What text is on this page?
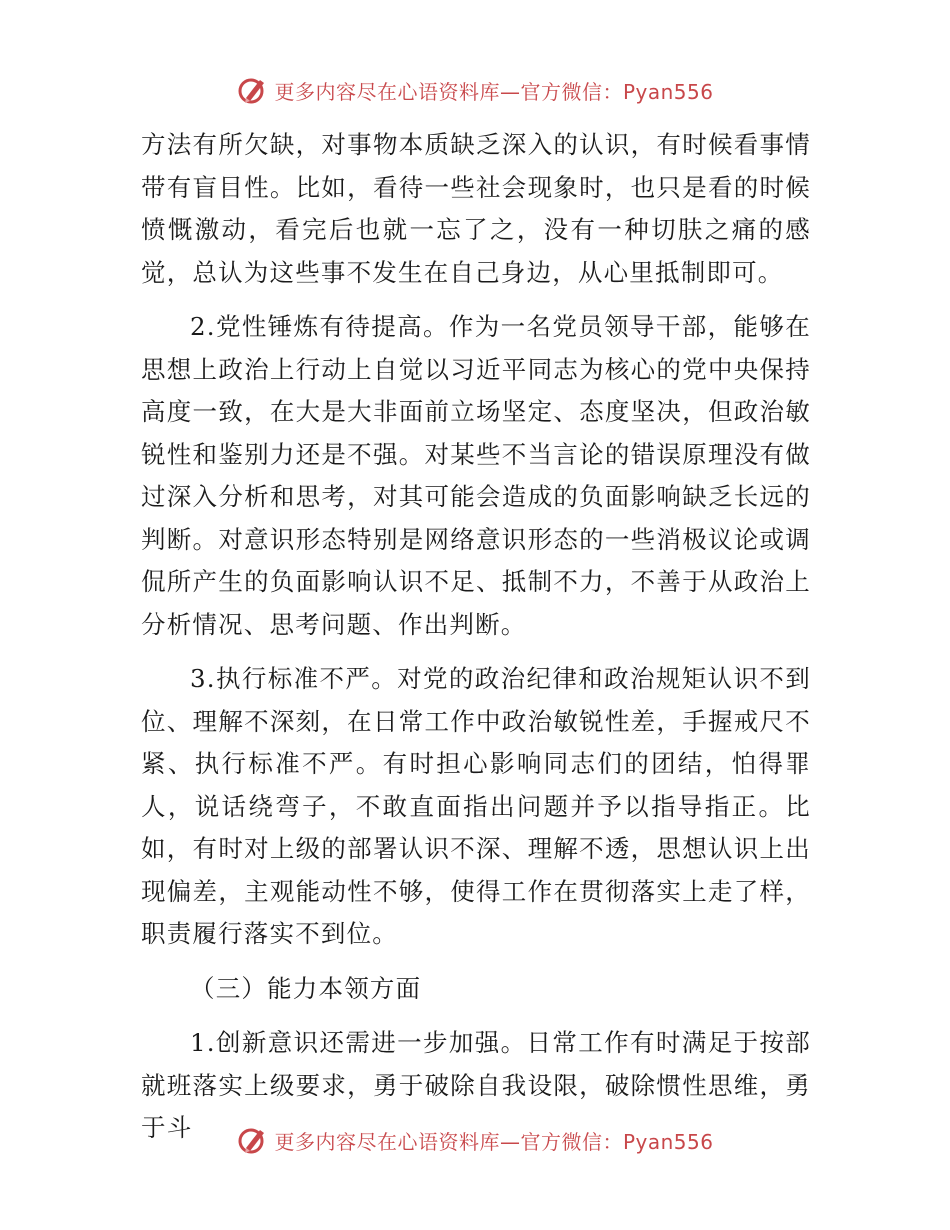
更多内容尽在心语资料库—官方微信：Pyan556

方法有所欠缺，对事物本质缺乏深入的认识，有时候看事情带有盲目性。比如，看待一些社会现象时，也只是看的时候愤慨激动，看完后也就一忘了之，没有一种切肤之痛的感觉，总认为这些事不发生在自己身边，从心里抵制即可。

2.党性锤炼有待提高。作为一名党员领导干部，能够在思想上政治上行动上自觉以习近平同志为核心的党中央保持高度一致，在大是大非面前立场坚定、态度坚决，但政治敏锐性和鉴别力还是不强。对某些不当言论的错误原理没有做过深入分析和思考，对其可能会造成的负面影响缺乏长远的判断。对意识形态特别是网络意识形态的一些消极议论或调侃所产生的负面影响认识不足、抵制不力，不善于从政治上分析情况、思考问题、作出判断。

3.执行标准不严。对党的政治纪律和政治规矩认识不到位、理解不深刻，在日常工作中政治敏锐性差，手握戒尺不紧、执行标准不严。有时担心影响同志们的团结，怕得罪人，说话绕弯子，不敢直面指出问题并予以指导指正。比如，有时对上级的部署认识不深、理解不透，思想认识上出现偏差，主观能动性不够，使得工作在贯彻落实上走了样，职责履行落实不到位。

（三）能力本领方面

1.创新意识还需进一步加强。日常工作有时满足于按部就班落实上级要求，勇于破除自我设限，破除惯性思维，勇于斗	更多内容尽在心语资料库—官方微信：Pyan556
